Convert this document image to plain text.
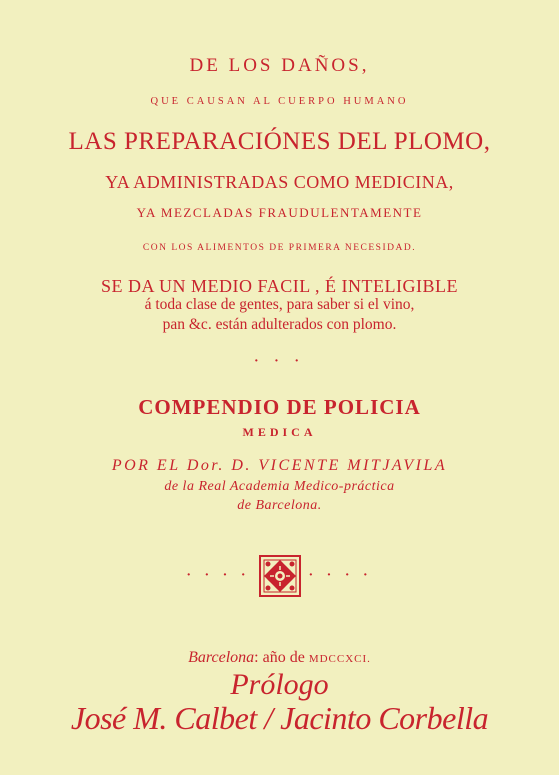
DE LOS DAÑOS,
QUE CAUSAN AL CUERPO HUMANO
LAS PREPARACIÓNES DEL PLOMO,
YA ADMINISTRADAS COMO MEDICINA,
YA MEZCLADAS FRAUDULENTAMENTE
CON LOS ALIMENTOS DE PRIMERA NECESIDAD.
SE DA UN MEDIO FACIL , É INTELIGIBLE
á toda clase de gentes, para saber si el vino,
pan &c. están adulterados con plomo.
· · ·
COMPENDIO DE POLICIA
MEDICA
POR EL Dor. D. VICENTE MITJAVILA
de la Real Academia Medico-práctica
de Barcelona.
· · · ·	· · · ·
Barcelona: año de MDCCXCI.
Prólogo
José M. Calbet / Jacinto Corbella
